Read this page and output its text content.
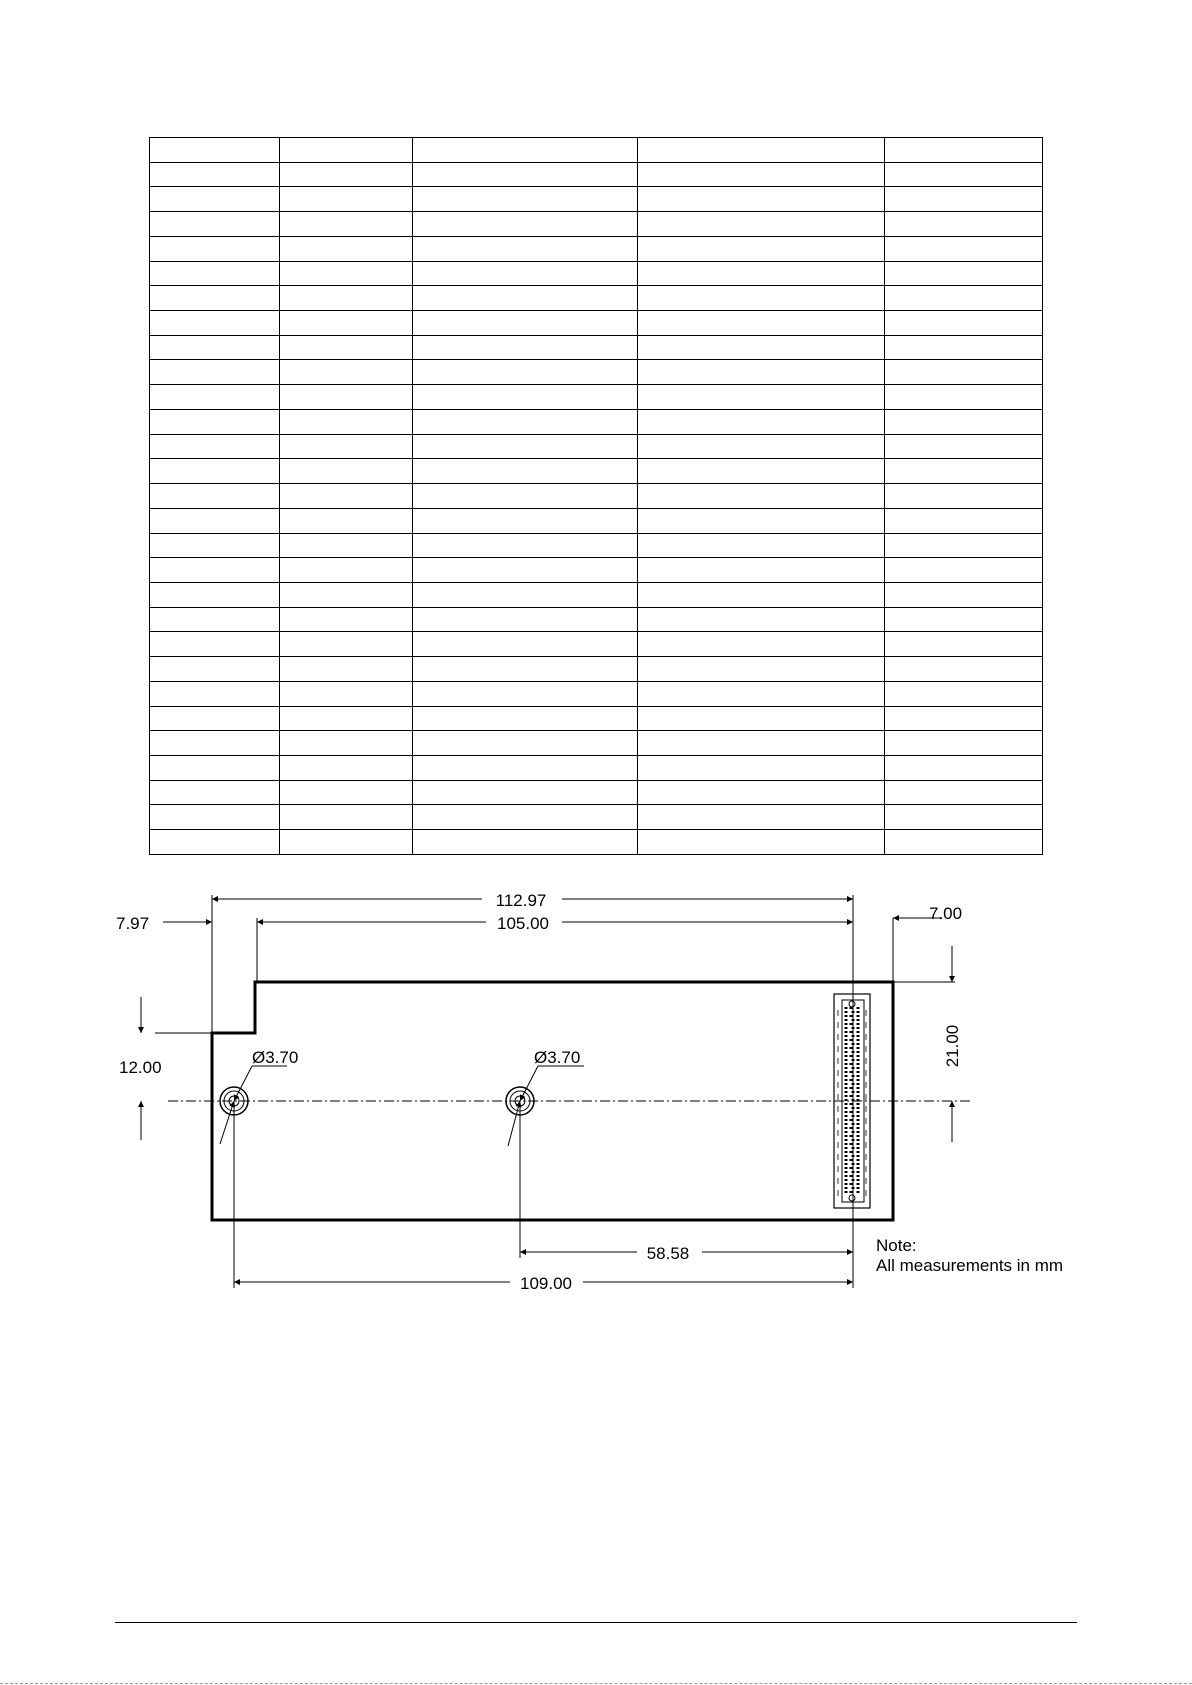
112.97
105.00
7.97
7.00
12.00
21.00
Ø3.70	Ø3.70
58.58
109.00
Note:
All measurements in mm
